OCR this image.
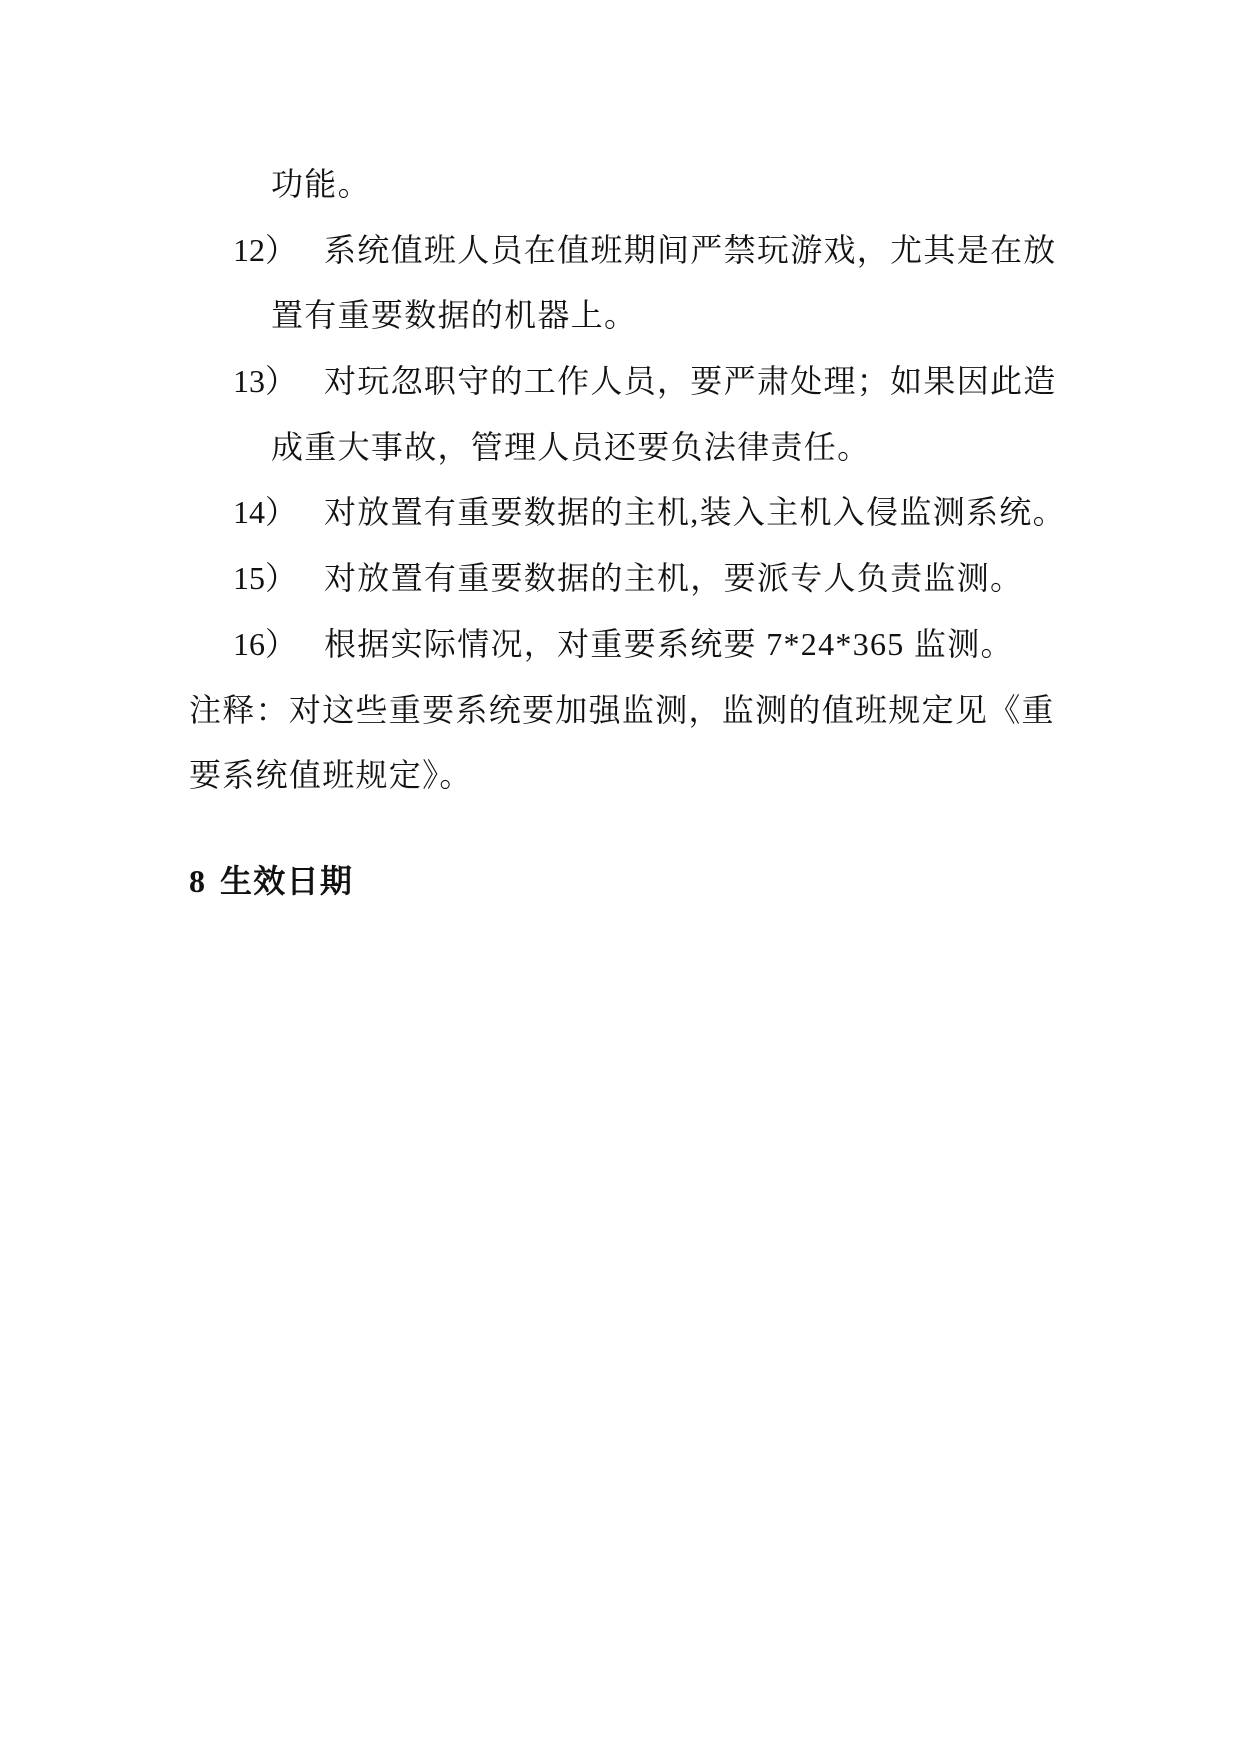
功能。
12） 系统值班人员在值班期间严禁玩游戏，尤其是在放
置有重要数据的机器上。
13） 对玩忽职守的工作人员，要严肃处理；如果因此造
成重大事故，管理人员还要负法律责任。
14） 对放置有重要数据的主机,装入主机入侵监测系统。
15） 对放置有重要数据的主机，要派专人负责监测。
16） 根据实际情况，对重要系统要 7*24*365 监测。
注释：对这些重要系统要加强监测，监测的值班规定见《重
要系统值班规定》。
8 生效日期
